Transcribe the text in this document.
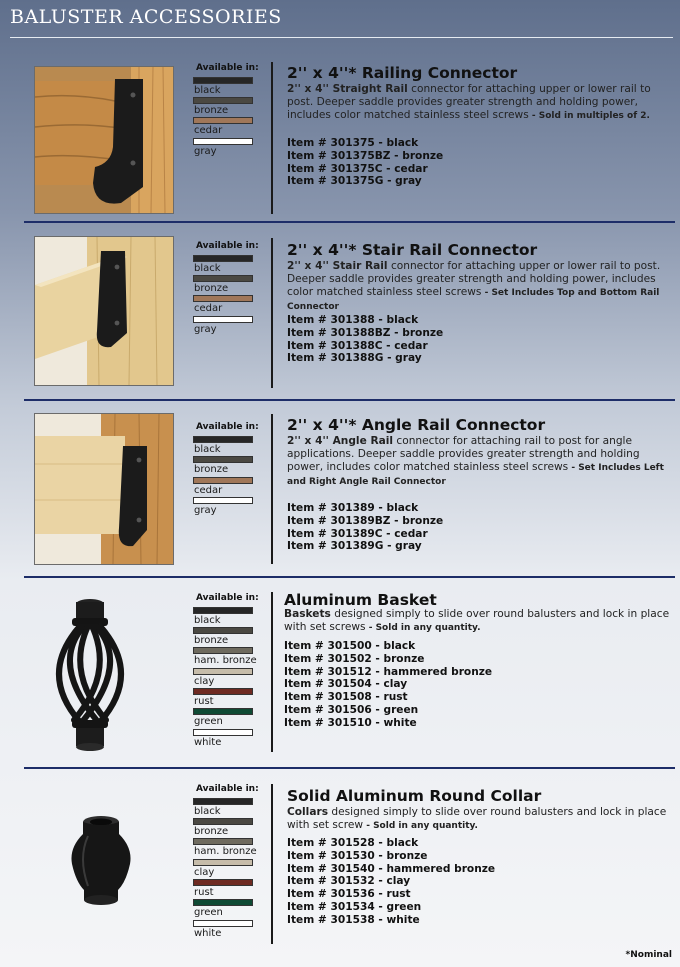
BALUSTER ACCESSORIES
Available in:
black
bronze
cedar
gray
2'' x 4''* Railing Connector
2'' x 4'' Straight Rail connector for attaching upper or lower rail to post. Deeper saddle provides greater strength and holding power, includes color matched stainless steel screws - Sold in multiples of 2.
Item # 301375 - black
Item # 301375BZ - bronze
Item # 301375C - cedar
Item # 301375G - gray
Available in:
black
bronze
cedar
gray
2'' x 4''* Stair Rail Connector
2'' x 4'' Stair Rail connector for attaching upper or lower rail to post. Deeper saddle provides greater strength and holding power, includes color matched stainless steel screws - Set Includes Top and Bottom Rail Connector
Item # 301388 - black
Item # 301388BZ - bronze
Item # 301388C - cedar
Item # 301388G - gray
Available in:
black
bronze
cedar
gray
2'' x 4''* Angle Rail Connector
2'' x 4'' Angle Rail connector for attaching rail to post for angle applications. Deeper saddle provides greater strength and holding power, includes color matched stainless steel screws - Set Includes Left and Right Angle Rail Connector
Item # 301389 - black
Item # 301389BZ - bronze
Item # 301389C - cedar
Item # 301389G - gray
Available in:
black
bronze
ham. bronze
clay
rust
green
white
Aluminum Basket
Baskets designed simply to slide over round balusters and lock in place with set screws - Sold in any quantity.
Item # 301500 - black
Item # 301502 - bronze
Item # 301512 - hammered bronze
Item # 301504 - clay
Item # 301508 - rust
Item # 301506 - green
Item # 301510 - white
Available in:
black
bronze
ham. bronze
clay
rust
green
white
Solid Aluminum Round Collar
Collars designed simply to slide over round balusters and lock in place with set screw - Sold in any quantity.
Item # 301528 - black
Item # 301530 - bronze
Item # 301540 - hammered bronze
Item # 301532 - clay
Item # 301536 - rust
Item # 301534 - green
Item # 301538 - white
*Nominal
